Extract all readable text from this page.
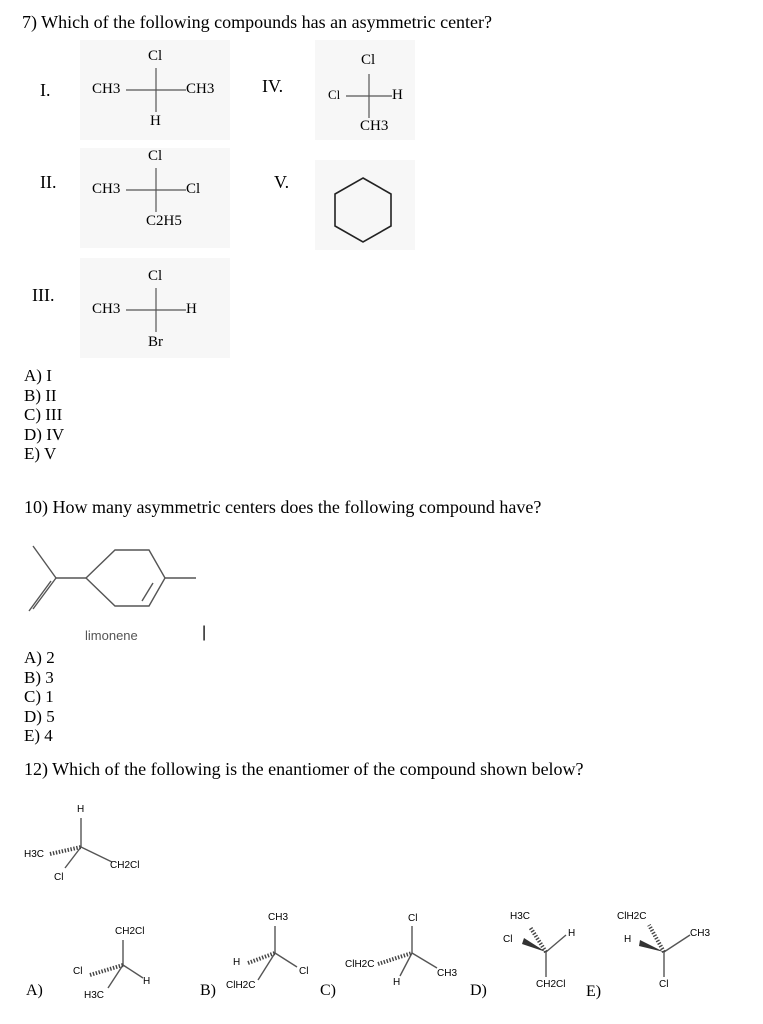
7) Which of the following compounds has an asymmetric center?
I.
II.
III.
IV.
V.
Cl
CH3	CH3
H
Cl
CH3	Cl
C2H5
Cl
CH3	H
Br
Cl
Cl	H
CH3
A) I
B) II
C) III
D) IV
E) V
10) How many asymmetric centers does the following compound have?
limonene	|
A) 2
B) 3
C) 1
D) 5
E) 4
12) Which of the following is the enantiomer of the compound shown below?
H
H3C
CH2Cl
Cl
A)
CH2Cl
Cl
H
H3C	B)
CH3
H
Cl
ClH2C	C)
Cl
ClH2C
CH3
H	D)
H3C
Cl
H
CH2Cl E)
ClH2C
H
CH3
Cl
